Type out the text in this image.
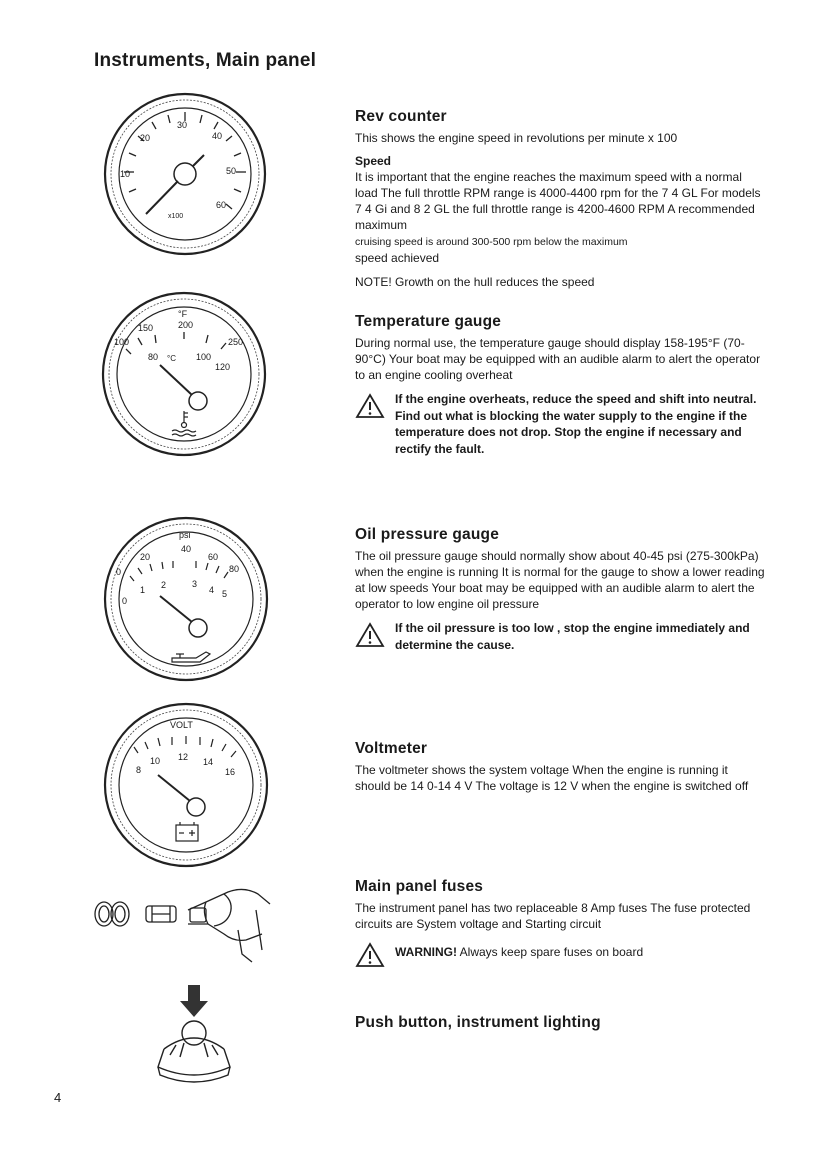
Instruments, Main panel
10
20
30
40
50
60
x100
°F
100
150	200
250
80 °C 100
120
psi
0
20
40
60
80
0
1 2	3
4 5
VOLT
8
10 12 14
16
Rev counter

This shows the engine speed in revolutions per minute x 100

Speed

It is important that the engine reaches the maximum speed with a normal load The full throttle RPM range is 4000-4400 rpm for the 7 4 GL For models 7 4 Gi and 8 2 GL the full throttle range is 4200-4600 RPM A recommended maximum
cruising speed is around 300-500 rpm below the maximum
speed achieved

NOTE! Growth on the hull reduces the speed

Temperature gauge

During normal use, the temperature gauge should display 158-195°F (70-90°C) Your boat may be equipped with an audible alarm to alert the operator to an engine cooling overheat

If the engine overheats, reduce the speed and shift into neutral. Find out what is blocking the water supply to the engine if the temperature does not drop. Stop the engine if necessary and rectify the fault.
Oil pressure gauge

The oil pressure gauge should normally show about 40-45 psi (275-300kPa) when the engine is running It is normal for the gauge to show a lower reading at low speeds Your boat may be equipped with an audible alarm to alert the operator to low engine oil pressure

If the oil pressure is too low , stop the engine immediately and determine the cause.
Voltmeter

The voltmeter shows the system voltage When the engine is running it should be 14 0-14 4 V The voltage is 12 V when the engine is switched off

Main panel fuses

The instrument panel has two replaceable 8 Amp fuses The fuse protected circuits are System voltage and Starting circuit

WARNING! Always keep spare fuses on board
Push button, instrument lighting
4
